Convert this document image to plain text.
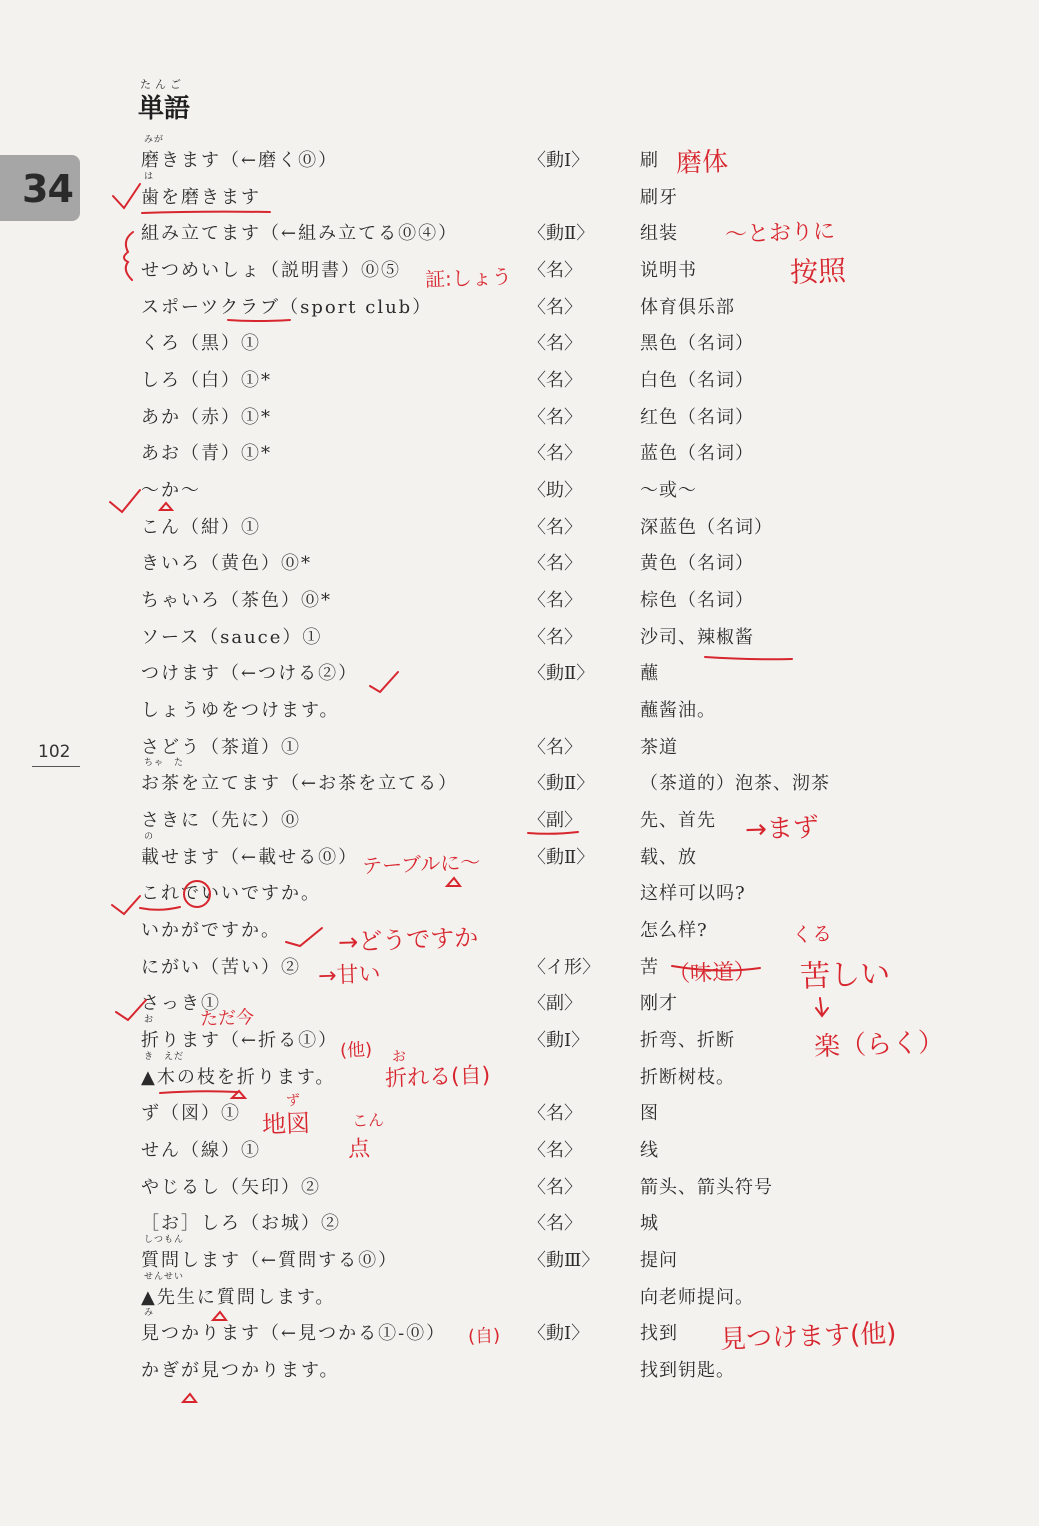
たんご
単語
34
102
みが
磨きます（←磨く⓪）	〈動Ⅰ〉	刷
は
歯を磨きます	刷牙
組み立てます（←組み立てる⓪④）	〈動Ⅱ〉	组装
せつめいしょ（説明書）⓪⑤	〈名〉	说明书
スポーツクラブ（sport club）	〈名〉	体育俱乐部
くろ（黒）①	〈名〉	黑色（名词）
しろ（白）①*	〈名〉	白色（名词）
あか（赤）①*	〈名〉	红色（名词）
あお（青）①*	〈名〉	蓝色（名词）
～か～	〈助〉	～或～
こん（紺）①	〈名〉	深蓝色（名词）
きいろ（黄色）⓪*	〈名〉	黄色（名词）
ちゃいろ（茶色）⓪*	〈名〉	棕色（名词）
ソース（sauce）①	〈名〉	沙司、辣椒酱
つけます（←つける②）	〈動Ⅱ〉	蘸
しょうゆをつけます。	蘸酱油。
さどう（茶道）①	〈名〉	茶道
ちゃ　た
お茶を立てます（←お茶を立てる）	〈動Ⅱ〉	（茶道的）泡茶、沏茶
さきに（先に）⓪	〈副〉	先、首先
の
載せます（←載せる⓪）	〈動Ⅱ〉	载、放
これでいいですか。	这样可以吗?
いかがですか。	怎么样?
にがい（苦い）②	〈イ形〉 苦
さっき①	〈副〉	刚才
お
折ります（←折る①）	〈動Ⅰ〉	折弯、折断
き　えだ
▲木の枝を折ります。	折断树枝。
ず（図）①	〈名〉	图
せん（線）①	〈名〉	线
やじるし（矢印）②	〈名〉	箭头、箭头符号
［お］しろ（お城）②	〈名〉	城
しつもん
質問します（←質問する⓪）	〈動Ⅲ〉 提问
せんせい
▲先生に質問します。	向老师提问。
み
見つかります（←見つかる①-⓪）	〈動Ⅰ〉	找到
かぎが見つかります。	找到钥匙。
磨体
～とおりに
按照
証:しょう
→まず
テーブルに～
→どうですか
→甘い	（味道）
くる
苦しい
楽（らく）
ただ今
(他) お
折れる(自)
ず
地図	こん
点
(自)	見つけます(他)
